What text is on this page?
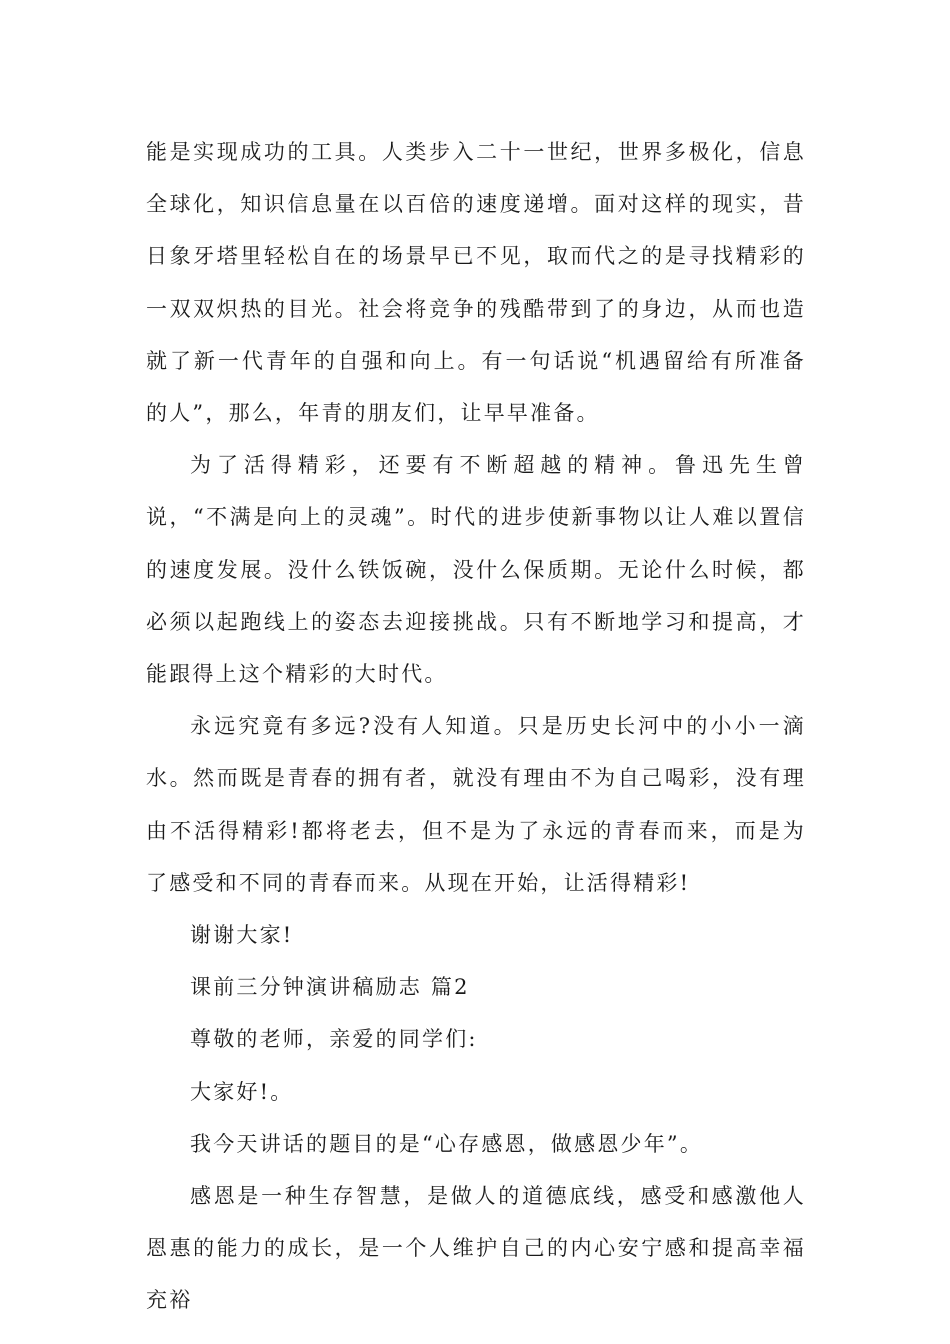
能是实现成功的工具。人类步入二十一世纪，世界多极化，信息全球化，知识信息量在以百倍的速度递增。面对这样的现实，昔日象牙塔里轻松自在的场景早已不见，取而代之的是寻找精彩的一双双炽热的目光。社会将竞争的残酷带到了的身边，从而也造就了新一代青年的自强和向上。有一句话说“机遇留给有所准备的人”，那么，年青的朋友们，让早早准备。

为了活得精彩，还要有不断超越的精神。鲁迅先生曾说，“不满是向上的灵魂”。时代的进步使新事物以让人难以置信的速度发展。没什么铁饭碗，没什么保质期。无论什么时候，都必须以起跑线上的姿态去迎接挑战。只有不断地学习和提高，才能跟得上这个精彩的大时代。

永远究竟有多远?没有人知道。只是历史长河中的小小一滴水。然而既是青春的拥有者，就没有理由不为自己喝彩，没有理由不活得精彩!都将老去，但不是为了永远的青春而来，而是为了感受和不同的青春而来。从现在开始，让活得精彩!

谢谢大家!

课前三分钟演讲稿励志 篇2

尊敬的老师，亲爱的同学们:

大家好!。

我今天讲话的题目的是“心存感恩，做感恩少年”。

感恩是一种生存智慧，是做人的道德底线，感受和感激他人恩惠的能力的成长，是一个人维护自己的内心安宁感和提高幸福充裕
